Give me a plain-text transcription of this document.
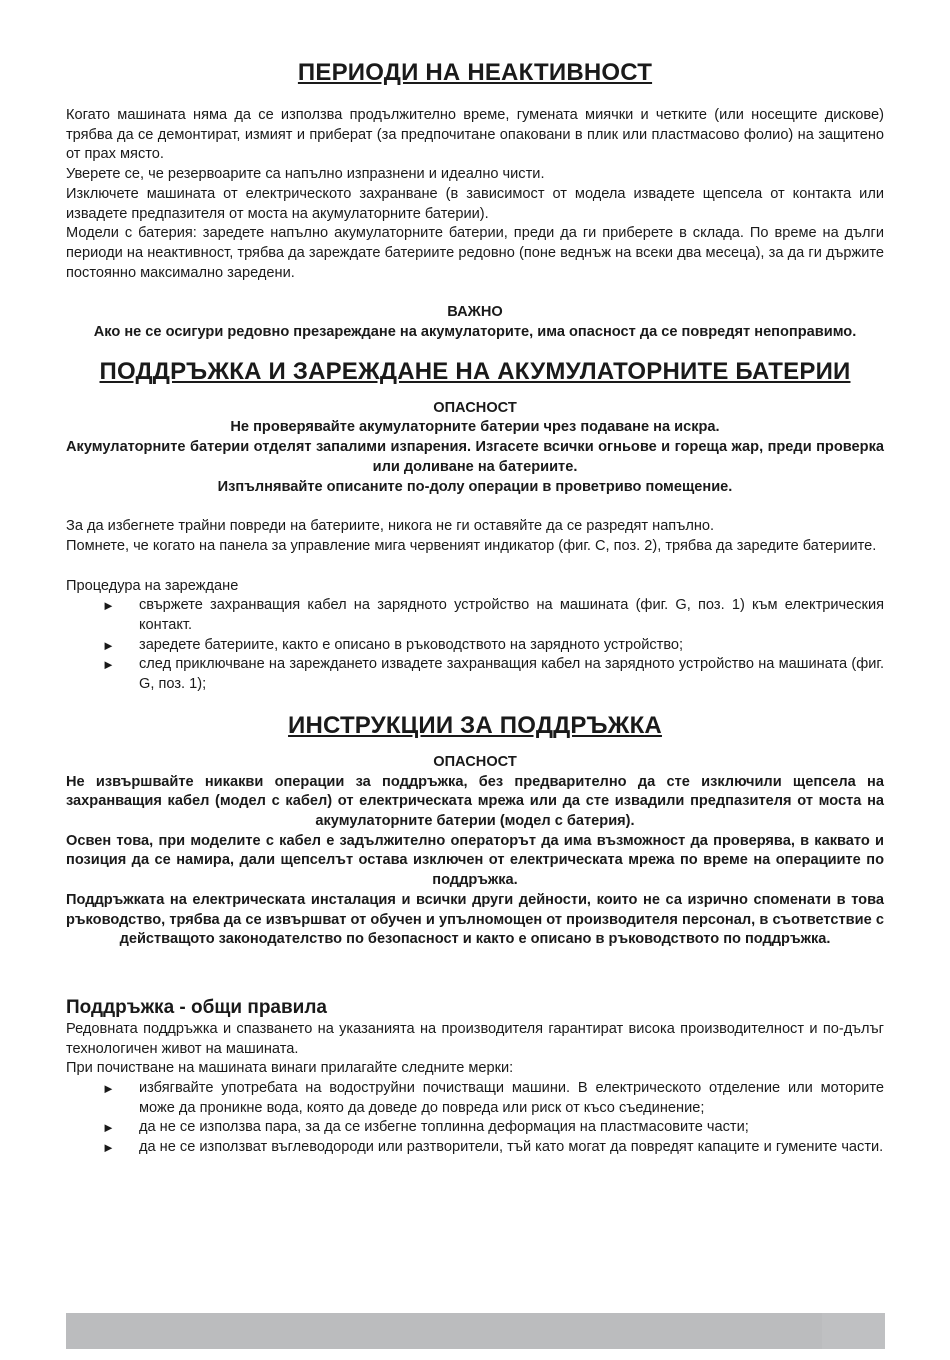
ПЕРИОДИ НА НЕАКТИВНОСТ

Когато машината няма да се използва продължително време, гумената миячки и четките (или носещите дискове) трябва да се демонтират, измият и приберат (за предпочитане опаковани в плик или пластмасово фолио) на защитено от прах място.

Уверете се, че резервоарите са напълно изпразнени и идеално чисти.

Изключете машината от електрическото захранване (в зависимост от модела извадете щепсела от контакта или извадете предпазителя от моста на акумулаторните батерии).

Модели с батерия: заредете напълно акумулаторните батерии, преди да ги приберете в склада. По време на дълги периоди на неактивност, трябва да зареждате батериите редовно (поне веднъж на всеки два месеца), за да ги държите постоянно максимално заредени.

ВАЖНО

Ако не се осигури редовно презареждане на акумулаторите, има опасност да се повредят непоправимо.

ПОДДРЪЖКА И ЗАРЕЖДАНЕ НА АКУМУЛАТОРНИТЕ БАТЕРИИ

ОПАСНОСТ

Не проверявайте акумулаторните батерии чрез подаване на искра.

Акумулаторните батерии отделят запалими изпарения. Изгасете всички огньове и гореща жар, преди проверка или доливане на батериите.

Изпълнявайте описаните по-долу операции в проветриво помещение.

За да избегнете трайни повреди на батериите, никога не ги оставяйте да се разредят напълно.

Помнете, че когато на панела за управление мига червеният индикатор (фиг. C, поз. 2), трябва да заредите батериите.

Процедура на зареждане

► свържете захранващия кабел на зарядното устройство на машината (фиг. G, поз. 1) към електрическия контакт.
► заредете батериите, както е описано в ръководството на зарядното устройство;
► след приключване на зареждането извадете захранващия кабел на зарядното устройство на машината (фиг. G, поз. 1);
ИНСТРУКЦИИ ЗА ПОДДРЪЖКА

ОПАСНОСТ

Не извършвайте никакви операции за поддръжка, без предварително да сте изключили щепсела на захранващия кабел (модел с кабел) от електрическата мрежа или да сте извадили предпазителя от моста на акумулаторните батерии (модел с батерия).

Освен това, при моделите с кабел е задължително операторът да има възможност да проверява, в каквато и позиция да се намира, дали щепселът остава изключен от електрическата мрежа по време на операциите по поддръжка.

Поддръжката на електрическата инсталация и всички други дейности, които не са изрично споменати в това ръководство, трябва да се извършват от обучен и упълномощен от производителя персонал, в съответствие с действащото законодателство по безопасност и както е описано в ръководството по поддръжка.

Поддръжка - общи правила

Редовната поддръжка и спазването на указанията на производителя гарантират висока производителност и по-дълъг технологичен живот на машината.

При почистване на машината винаги прилагайте следните мерки:

► избягвайте употребата на водоструйни почистващи машини. В електрическото отделение или моторите може да проникне вода, която да доведе до повреда или риск от късо съединение;
► да не се използва пара, за да се избегне топлинна деформация на пластмасовите части;
► да не се използват въглеводороди или разтворители, тъй като могат да повредят капаците и гумените части.
